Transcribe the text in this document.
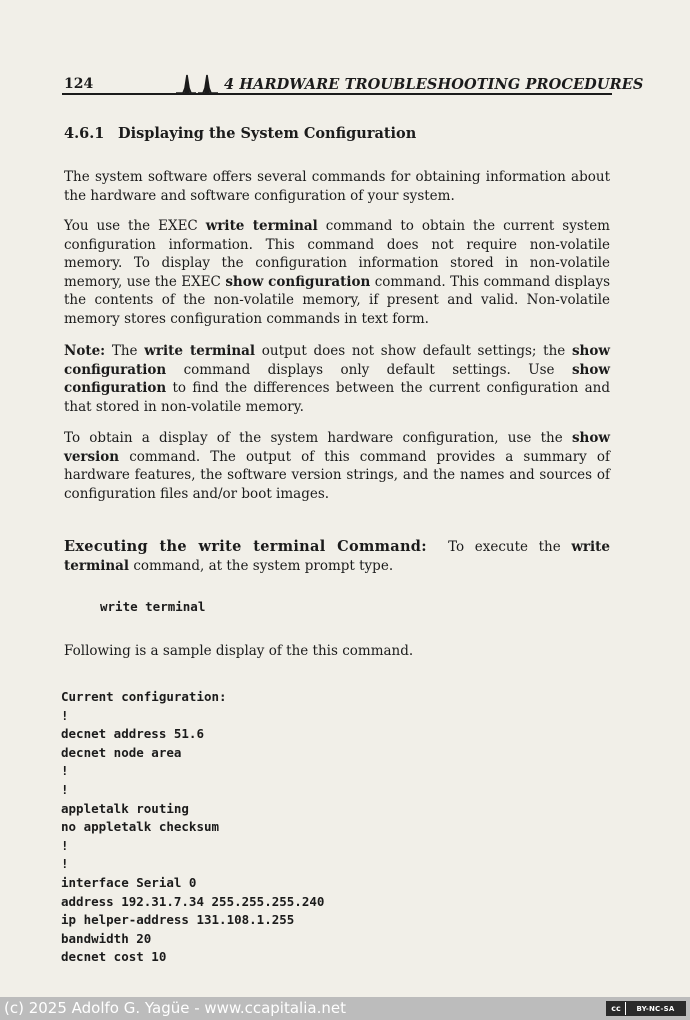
124	4 HARDWARE TROUBLESHOOTING PROCEDURES
4.6.1 Displaying the System Configuration

The system software offers several commands for obtaining information about the hardware and software configuration of your system.

You use the EXEC write terminal command to obtain the current system configuration information. This command does not require non-volatile memory. To display the configuration information stored in non-volatile memory, use the EXEC show configuration command. This command displays the contents of the non-volatile memory, if present and valid. Non-volatile memory stores configuration commands in text form.

Note: The write terminal output does not show default settings; the show configuration command displays only default settings. Use show configuration to find the differences between the current configuration and that stored in non-volatile memory.

To obtain a display of the system hardware configuration, use the show version command. The output of this command provides a summary of hardware features, the software version strings, and the names and sources of configuration files and/or boot images.

Executing the write terminal Command:  To execute the write terminal command, at the system prompt type.

write terminal
Following is a sample display of the this command.
Current configuration:
!
decnet address 51.6
decnet node area
!
!
appletalk routing
no appletalk checksum
!
!
interface Serial 0
address 192.31.7.34 255.255.255.240
ip helper-address 131.108.1.255
bandwidth 20
decnet cost 10
(c) 2025 Adolfo G. Yagüe - www.ccapitalia.net	cc	BY-NC-SA
